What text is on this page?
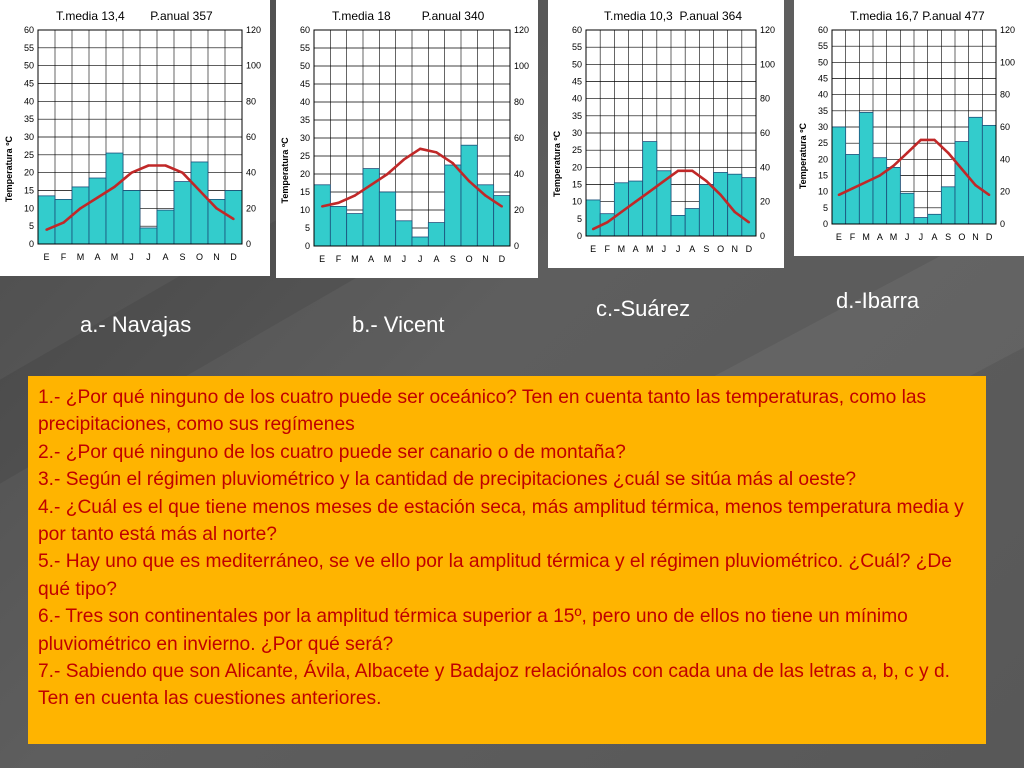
T.media 13,4 P.anual 357
60
55
50
45
40
35
30
25
20
15
10
5
0
120
100
80
60
40
20
0
E F M A M J J A S O N D
Temperatura ºC
T.media 18	P.anual 340
60
55
50
45
40
35
30
25
20
15
10
5
0
120
100
80
60
40
20
0
E F M A M J J A S O N D
Temperatura ºC
T.media 10,3 P.anual 364
60
55
50
45
40
35
30
25
20
15
10
5
0
120
100
80
60
40
20
0
E F M A M J J A S O N D
Temperatura ºC
T.media 16,7 P.anual 477
60
55
50
45
40
35
30
25
20
15
10
5
0
120
100
80
60
40
20
0
E F M A M J J A S O N D
Temperatura ºC
a.- Navajas	b.- Vicent
c.-Suárez	d.-Ibarra

1.- ¿Por qué ninguno de los cuatro puede ser oceánico? Ten en cuenta tanto las temperaturas, como las precipitaciones, como sus regímenes

2.- ¿Por qué ninguno de los cuatro puede ser canario o de montaña?

3.- Según el régimen pluviométrico y la cantidad de precipitaciones ¿cuál se sitúa más al oeste?

4.- ¿Cuál es el que tiene menos meses de estación seca, más amplitud térmica, menos temperatura media y por tanto está más al norte?

5.- Hay uno que es mediterráneo, se ve ello por la amplitud térmica y el régimen pluviométrico. ¿Cuál? ¿De qué tipo?

6.- Tres son continentales por la amplitud térmica superior a 15º, pero uno de ellos no tiene un mínimo pluviométrico en invierno. ¿Por qué será?

7.- Sabiendo que son Alicante, Ávila, Albacete y Badajoz relaciónalos con cada una de las letras a, b, c y d. Ten en cuenta las cuestiones anteriores.
